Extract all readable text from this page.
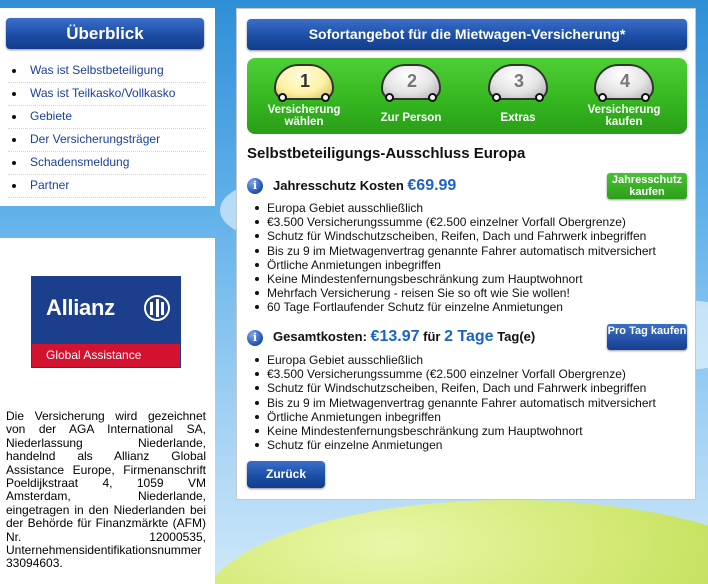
Überblick
Was ist Selbstbeteiligung
Was ist Teilkasko/Vollkasko
Gebiete
Der Versicherungsträger
Schadensmeldung
Partner
Allianz
Global Assistance

Die Versicherung wird gezeichnet von der AGA International SA, Niederlassung Niederlande, handelnd als Allianz Global Assistance Europe, Firmenanschrift Poeldijkstraat 4, 1059 VM Amsterdam, Niederlande, eingetragen in den Niederlanden bei der Behörde für Finanzmärkte (AFM) Nr. 12000535, Unternehmensidentifikationsnummer 33094603.

Sofortangebot für die Mietwagen-Versicherung*
1
Versicherung wählen
2
Zur Person
3
Extras
4
Versicherung kaufen
Selbstbeteiligungs-Ausschluss Europa
i	Jahresschutz Kosten €69.99	Jahresschutz kaufen
Europa Gebiet ausschließlich
€3.500 Versicherungssumme (€2.500 einzelner Vorfall Obergrenze)
Schutz für Windschutzscheiben, Reifen, Dach und Fahrwerk inbegriffen
Bis zu 9 im Mietwagenvertrag genannte Fahrer automatisch mitversichert
Örtliche Anmietungen inbegriffen
Keine Mindestenfernungsbeschränkung zum Hauptwohnort
Mehrfach Versicherung - reisen Sie so oft wie Sie wollen!
60 Tage Fortlaufender Schutz für einzelne Anmietungen
i	Gesamtkosten: €13.97 für 2 Tage Tag(e)	Pro Tag kaufen
Europa Gebiet ausschließlich
€3.500 Versicherungssumme (€2.500 einzelner Vorfall Obergrenze)
Schutz für Windschutzscheiben, Reifen, Dach und Fahrwerk inbegriffen
Bis zu 9 im Mietwagenvertrag genannte Fahrer automatisch mitversichert
Örtliche Anmietungen inbegriffen
Keine Mindestenfernungsbeschränkung zum Hauptwohnort
Schutz für einzelne Anmietungen
Zurück
